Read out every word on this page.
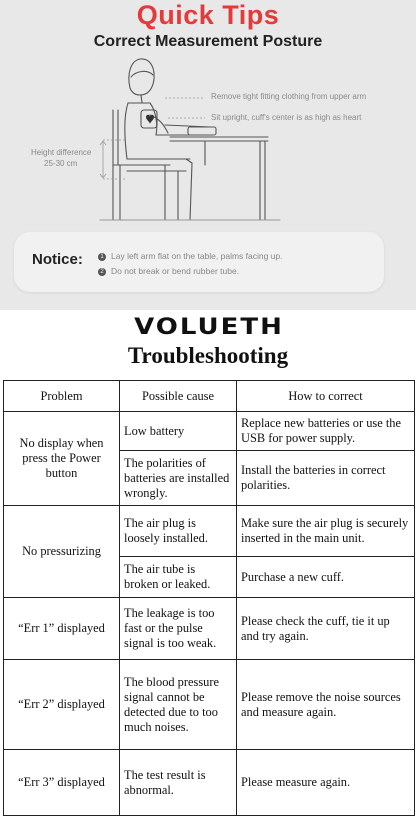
Quick Tips
Correct Measurement Posture
Remove tight fitting clothing from upper arm
Sit upright, cuff's center is as high as heart
Height difference
25-30 cm
Notice:	1 Lay left arm flat on the table, palms facing up.
2 Do not break or bend rubber tube.
VOLUETH
Troubleshooting
Problem	Possible cause	How to correct
No display when press the Power button	Low battery	Replace new batteries or use the USB for power supply.
	The polarities of batteries are installed wrongly.	Install the batteries in correct polarities.
No pressurizing	The air plug is loosely installed.	Make sure the air plug is securely inserted in the main unit.
	The air tube is broken or leaked.	Purchase a new cuff.
“Err 1” displayed	The leakage is too fast or the pulse signal is too weak.	Please check the cuff, tie it up and try again.
“Err 2” displayed	The blood pressure signal cannot be detected due to too much noises.	Please remove the noise sources and measure again.
“Err 3” displayed	The test result is abnormal.	Please measure again.
